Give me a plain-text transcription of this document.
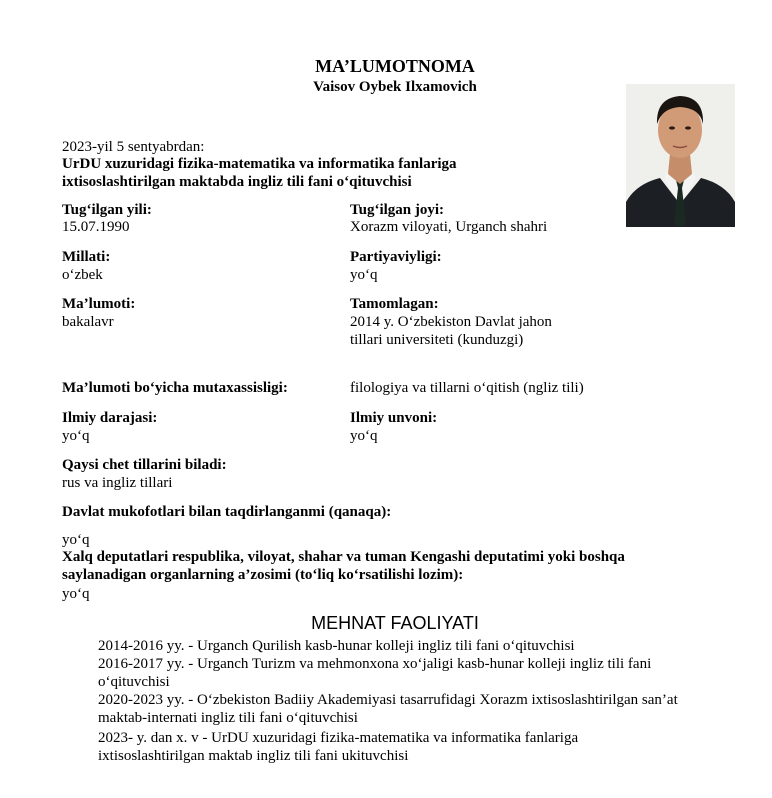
MA’LUMOTNOMA
Vaisov Oybek Ilxamovich
2023-yil 5 sentyabrdan:
UrDU xuzuridagi fizika-matematika va informatika fanlariga
ixtisoslashtirilgan maktabda ingliz tili fani o‘qituvchisi
Tug‘ilgan yili:
15.07.1990
Tug‘ilgan joyi:
Xorazm viloyati, Urganch shahri
Millati:
o‘zbek
Partiyaviyligi:
yo‘q
Ma’lumoti:
bakalavr
Tamomlagan:
2014 y. O‘zbekiston Davlat jahon
tillari universiteti (kunduzgi)
Ma’lumoti bo‘yicha mutaxassisligi:	filologiya va tillarni o‘qitish (ngliz tili)
Ilmiy darajasi:
yo‘q
Ilmiy unvoni:
yo‘q
Qaysi chet tillarini biladi:
rus va ingliz tillari
Davlat mukofotlari bilan taqdirlanganmi (qanaqa):
yo‘q
Xalq deputatlari respublika, viloyat, shahar va tuman Kengashi deputatimi yoki boshqa
saylanadigan organlarning a’zosimi (to‘liq ko‘rsatilishi lozim):
yo‘q
MEHNAT FAOLIYATI
2014-2016 yy. - Urganch Qurilish kasb-hunar kolleji ingliz tili fani o‘qituvchisi
2016-2017 yy. - Urganch Turizm va mehmonxona xo‘jaligi kasb-hunar kolleji ingliz tili fani
o‘qituvchisi
2020-2023 yy. - O‘zbekiston Badiiy Akademiyasi tasarrufidagi Xorazm ixtisoslashtirilgan san’at
maktab-internati ingliz tili fani o‘qituvchisi
2023- y. dan x. v - UrDU xuzuridagi fizika-matematika va informatika fanlariga
ixtisoslashtirilgan maktab ingliz tili fani ukituvchisi
